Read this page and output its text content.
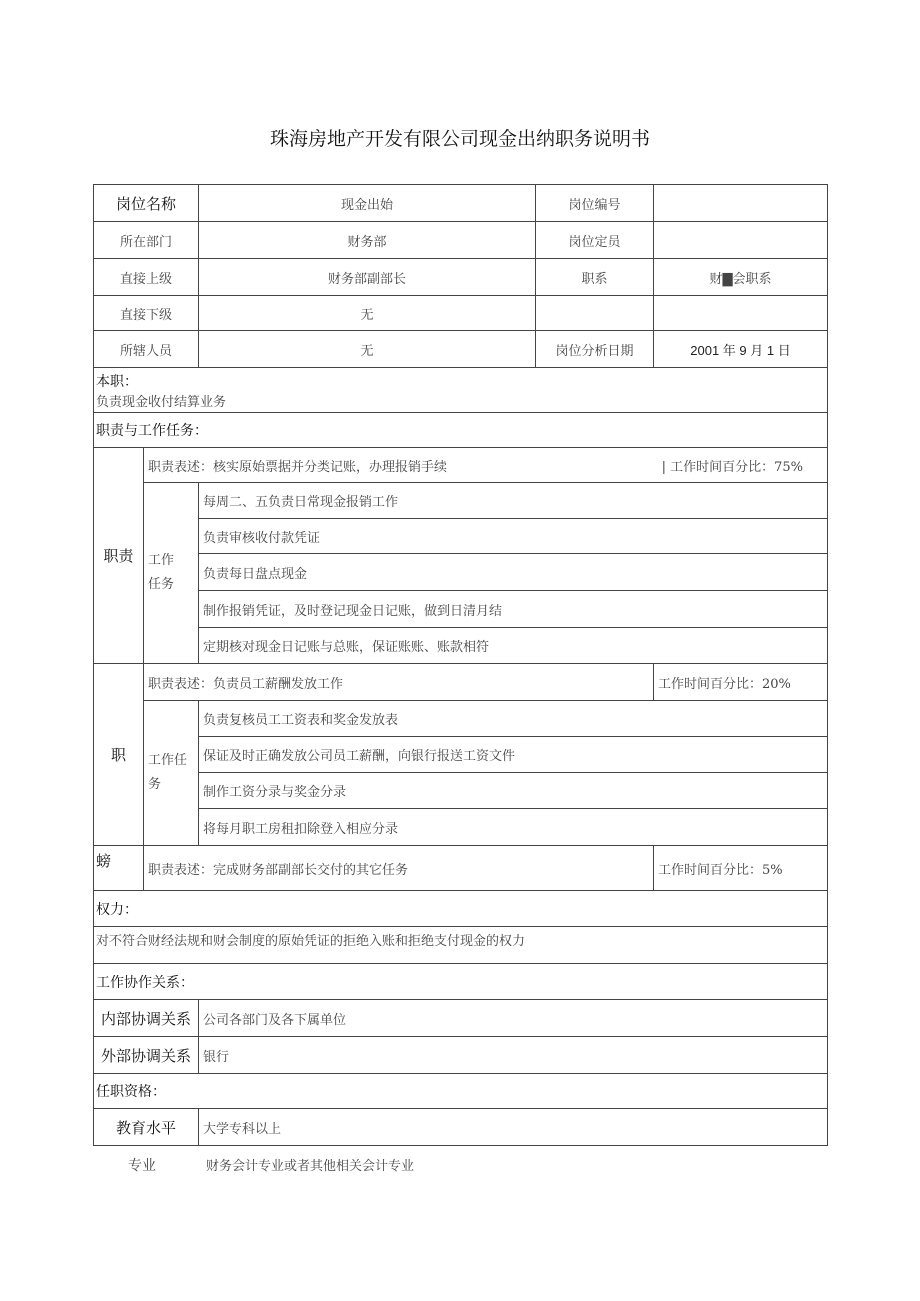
珠海房地产开发有限公司现金出纳职务说明书
岗位名称	现金出始	岗位编号
所在部门	财务部	岗位定员
直接上级	财务部副部长	职系	财▇会职系
直接下级	无
所辖人员	无	岗位分析日期	2001 年 9 月 1 日
本职：
负责现金收付结算业务
职责与工作任务：
职责
职责表述：核实原始票据并分类记账，办理报销手续	| 工作时间百分比：75%
工作任务
每周二、五负责日常现金报销工作
负责审核收付款凭证
负责每日盘点现金
制作报销凭证，及时登记现金日记账，做到日清月结
定期核对现金日记账与总账，保证账账、账款相符
职
职责表述：负责员工薪酬发放工作	工作时间百分比：20%
工作任务
负责复核员工工资表和奖金发放表
保证及时正确发放公司员工薪酬，向银行报送工资文件
制作工资分录与奖金分录
将每月职工房租扣除登入相应分录
螃	职责表述：完成财务部副部长交付的其它任务	工作时间百分比：5%
权力：
对不符合财经法规和财会制度的原始凭证的拒绝入账和拒绝支付现金的权力
工作协作关系：
内部协调关系 公司各部门及各下属单位
外部协调关系 银行
任职资格：
教育水平	大学专科以上
专业	财务会计专业或者其他相关会计专业
